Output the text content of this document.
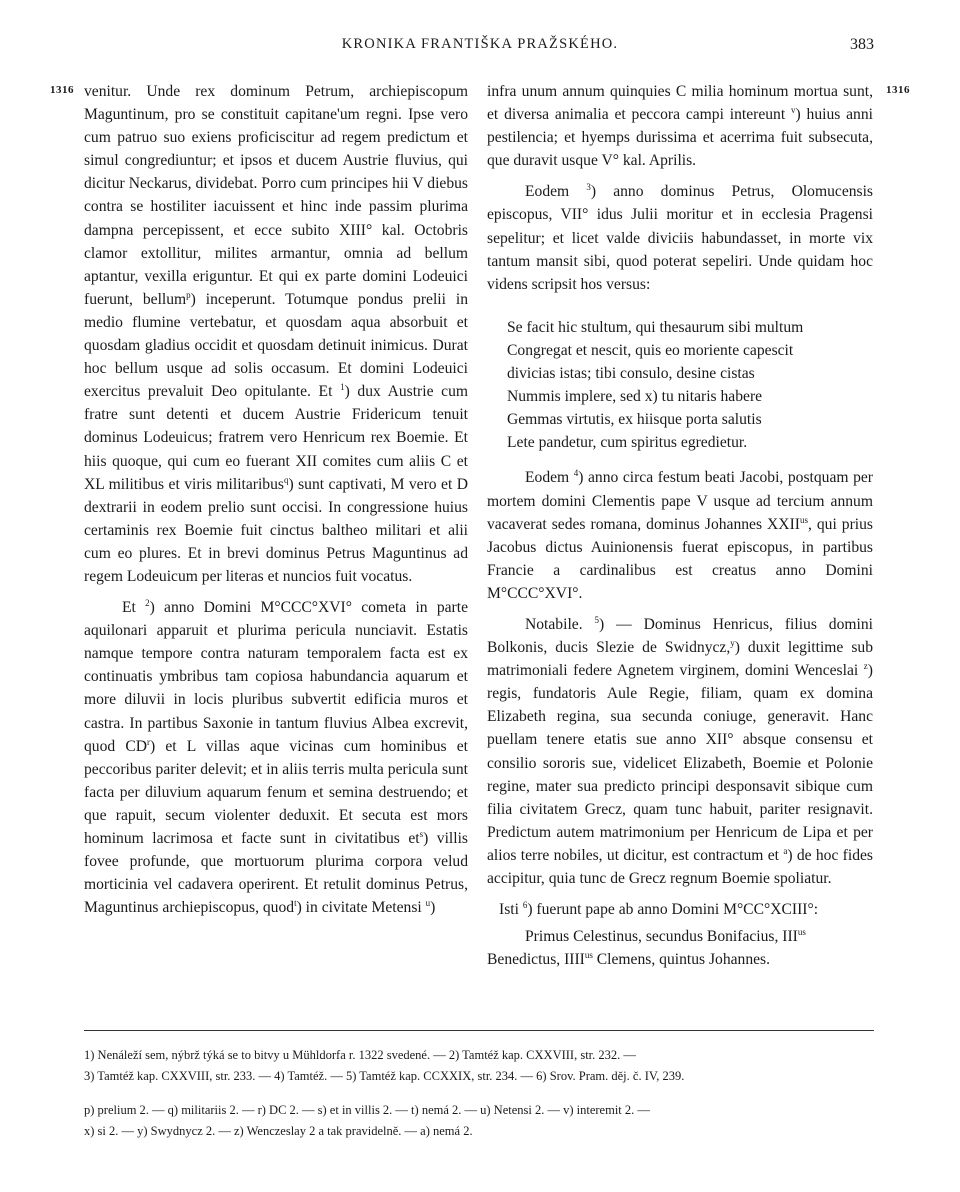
KRONIKA FRANTIŠKA PRAŽSKÉHO.	383
1316	1316

venitur. Unde rex dominum Petrum, archiepiscopum Maguntinum, pro se constituit capitane'um regni. Ipse vero cum patruo suo exiens proficiscitur ad regem predictum et simul congrediuntur; et ipsos et ducem Austrie fluvius, qui dicitur Neckarus, dividebat. Porro cum principes hii V diebus contra se hostiliter iacuissent et hinc inde passim plurima dampna percepissent, et ecce subito XIII° kal. Octobris clamor extollitur, milites armantur, omnia ad bellum aptantur, vexilla eriguntur. Et qui ex parte domini Lodeuici fuerunt, bellum$^p$) inceperunt. Totumque pondus prelii in medio flumine vertebatur, et quosdam aqua absorbuit et quosdam gladius occidit et quosdam detinuit inimicus. Durat hoc bellum usque ad solis occasum. Et domini Lodeuici exercitus prevaluit Deo opitulante. Et $^1$) dux Austrie cum fratre sunt detenti et ducem Austrie Fridericum tenuit dominus Lodeuicus; fratrem vero Henricum rex Boemie. Et hiis quoque, qui cum eo fuerant XII comites cum aliis C et XL militibus et viris militaribus$^q$) sunt captivati, M vero et D dextrarii in eodem prelio sunt occisi. In congressione huius certaminis rex Boemie fuit cinctus baltheo militari et alii cum eo plures. Et in brevi dominus Petrus Maguntinus ad regem Lodeuicum per literas et nuncios fuit vocatus.

Et $^2$) anno Domini M°CCC°XVI° cometa in parte aquilonari apparuit et plurima pericula nunciavit. Estatis namque tempore contra naturam temporalem facta est ex continuatis ymbribus tam copiosa habundancia aquarum et more diluvii in locis pluribus subvertit edificia muros et castra. In partibus Saxonie in tantum fluvius Albea excrevit, quod $CD^r$) et L villas aque vicinas cum hominibus et peccoribus pariter delevit; et in aliis terris multa pericula sunt facta per diluvium aquarum fenum et semina destruendo; et que rapuit, secum violenter deduxit. Et secuta est mors hominum lacrimosa et facte sunt in civitatibus $et^s$) villis fovee profunde, que mortuorum plurima corpora velud morticinia vel cadavera operirent. Et retulit dominus Petrus, Maguntinus archiepiscopus, quod$^t$) in civitate Metensi $^u$)

infra unum annum quinquies C milia hominum mortua sunt, et diversa animalia et peccora campi intereunt $^v$) huius anni pestilencia; et hyemps durissima et acerrima fuit subsecuta, que duravit usque V° kal. Aprilis.

Eodem $^3$) anno dominus Petrus, Olomucensis episcopus, VII° idus Julii moritur et in ecclesia Pragensi sepelitur; et licet valde diviciis habundasset, in morte vix tantum mansit sibi, quod poterat sepeliri. Unde quidam hoc videns scripsit hos versus:

Se facit hic stultum, qui thesaurum sibi multum
Congregat et nescit, quis eo moriente capescit
divicias istas; tibi consulo, desine cistas
Nummis implere, sed x) tu nitaris habere
Gemmas virtutis, ex hiisque porta salutis
Lete pandetur, cum spiritus egredietur.

Eodem $^4$) anno circa festum beati Jacobi, postquam per mortem domini Clementis pape V usque ad tercium annum vacaverat sedes romana, dominus Johannes $XXII^{us}$, qui prius Jacobus dictus Auinionensis fuerat episcopus, in partibus Francie a cardinalibus est creatus anno Domini M°CCC°XVI°.

Notabile. $^5$) — Dominus Henricus, filius domini Bolkonis, ducis Slezie de Swidnycz,$^y$) duxit legittime sub matrimoniali federe Agnetem virginem, domini Wenceslai $^z$) regis, fundatoris Aule Regie, filiam, quam ex domina Elizabeth regina, sua secunda coniuge, generavit. Hanc puellam tenere etatis sue anno XII° absque consensu et consilio sororis sue, videlicet Elizabeth, Boemie et Polonie regine, mater sua predicto principi desponsavit sibique cum filia civitatem Grecz, quam tunc habuit, pariter resignavit. Predictum autem matrimonium per Henricum de Lipa et per alios terre nobiles, ut dicitur, est contractum et $^a$) de hoc fides accipitur, quia tunc de Grecz regnum Boemie spoliatur.

Isti $^6$) fuerunt pape ab anno Domini M°CC°XCIII°:

Primus Celestinus, secundus Bonifacius, $III^{us}$

Benedictus, $IIII^{us}$ Clemens, quintus Johannes.

1) Nenáleží sem, nýbrž týká se to bitvy u Mühldorfa r. 1322 svedené. — 2) Tamtéž kap. CXXVIII, str. 232. —
3) Tamtéž kap. CXXVIII, str. 233. — 4) Tamtéž. — 5) Tamtéž kap. CCXXIX, str. 234. — 6) Srov. Pram. děj. č. IV, 239.
p) prelium 2. — q) militariis 2. — r) DC 2. — s) et in villis 2. — t) nemá 2. — u) Netensi 2. — v) interemit 2. —
x) si 2. — y) Swydnycz 2. — z) Wenczeslay 2 a tak pravidelně. — a) nemá 2.
